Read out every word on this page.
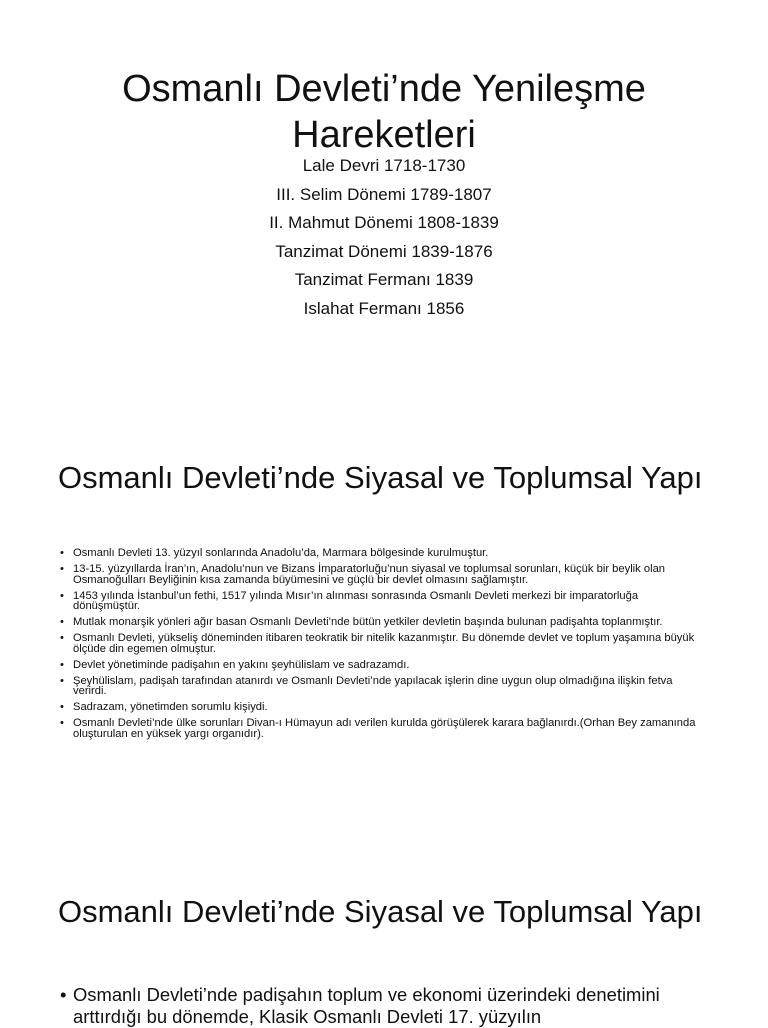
Osmanlı Devleti’nde Yenileşme Hareketleri
Lale Devri 1718-1730
III. Selim Dönemi 1789-1807
II. Mahmut Dönemi 1808-1839
Tanzimat Dönemi 1839-1876
Tanzimat Fermanı 1839
Islahat Fermanı 1856
Osmanlı Devleti’nde Siyasal ve Toplumsal Yapı
• Osmanlı Devleti 13. yüzyıl sonlarında Anadolu’da, Marmara bölgesinde kurulmuştur.
• 13-15. yüzyıllarda İran’ın, Anadolu’nun ve Bizans İmparatorluğu’nun siyasal ve toplumsal sorunları, küçük bir beylik olan Osmanoğulları Beyliğinin kısa zamanda büyümesini ve güçlü bir devlet olmasını sağlamıştır.
• 1453 yılında İstanbul’un fethi, 1517 yılında Mısır’ın alınması sonrasında Osmanlı Devleti merkezi bir imparatorluğa dönüşmüştür.
• Mutlak monarşik yönleri ağır basan Osmanlı Devleti’nde bütün yetkiler devletin başında bulunan padişahta toplanmıştır.
• Osmanlı Devleti, yükseliş döneminden itibaren teokratik bir nitelik kazanmıştır. Bu dönemde devlet ve toplum yaşamına büyük ölçüde din egemen olmuştur.
• Devlet yönetiminde padişahın en yakını şeyhülislam ve sadrazamdı.
• Şeyhülislam, padişah tarafından atanırdı ve Osmanlı Devleti’nde yapılacak işlerin dine uygun olup olmadığına ilişkin fetva verirdi.
• Sadrazam, yönetimden sorumlu kişiydi.
• Osmanlı Devleti’nde ülke sorunları Divan-ı Hümayun adı verilen kurulda görüşülerek karara bağlanırdı.(Orhan Bey zamanında oluşturulan en yüksek yargı organıdır).
Osmanlı Devleti’nde Siyasal ve Toplumsal Yapı
• Osmanlı Devleti’nde padişahın toplum ve ekonomi üzerindeki denetimini arttırdığı bu dönemde, Klasik Osmanlı Devleti 17. yüzyılın
